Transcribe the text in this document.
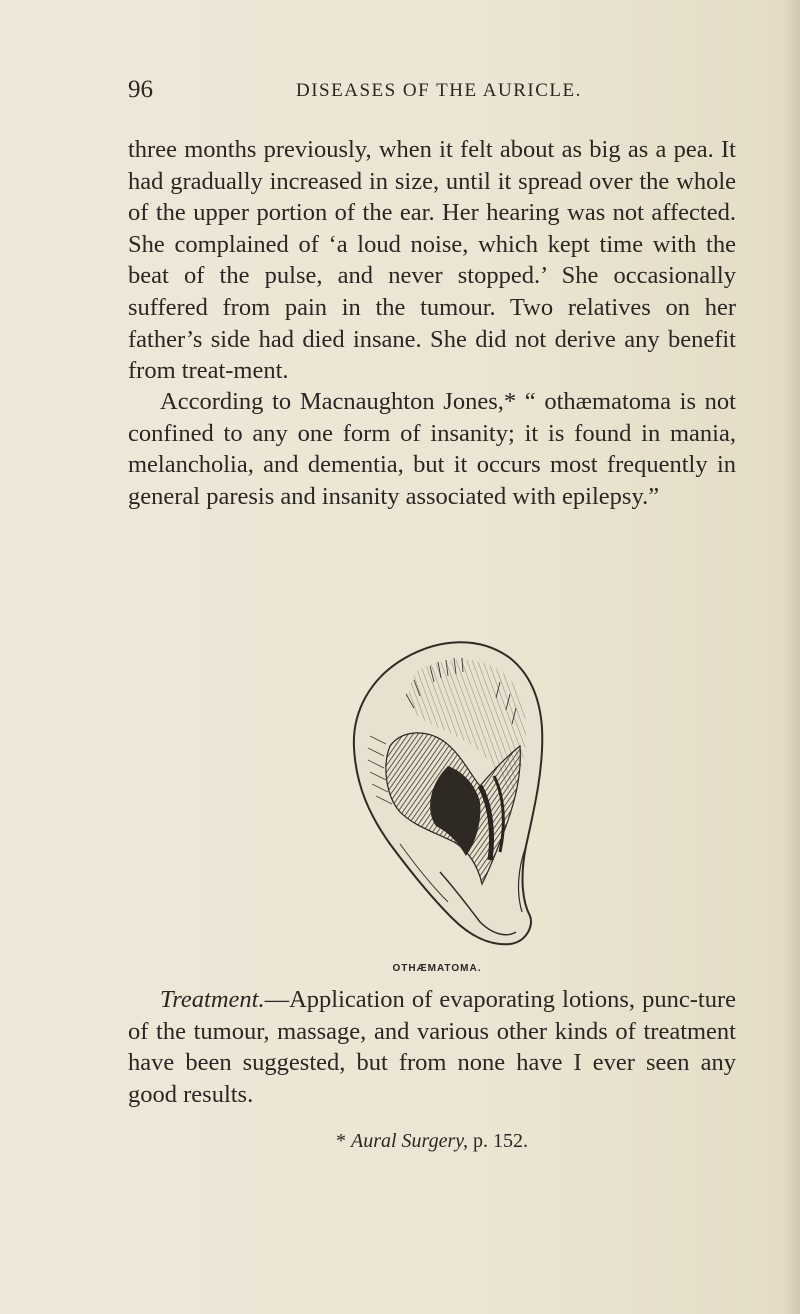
96	DISEASES OF THE AURICLE.

three months previously, when it felt about as big as a pea. It had gradually increased in size, until it spread over the whole of the upper portion of the ear. Her hearing was not affected. She complained of ‘a loud noise, which kept time with the beat of the pulse, and never stopped.’ She occasionally suffered from pain in the tumour. Two relatives on her father’s side had died insane. She did not derive any benefit from treat-ment.

According to Macnaughton Jones,* “ othæmatoma is not confined to any one form of insanity; it is found in mania, melancholia, and dementia, but it occurs most frequently in general paresis and insanity associated with epilepsy.”

OTHÆMATOMA.

Treatment.—Application of evaporating lotions, punc-ture of the tumour, massage, and various other kinds of treatment have been suggested, but from none have I ever seen any good results.

* Aural Surgery, p. 152.
